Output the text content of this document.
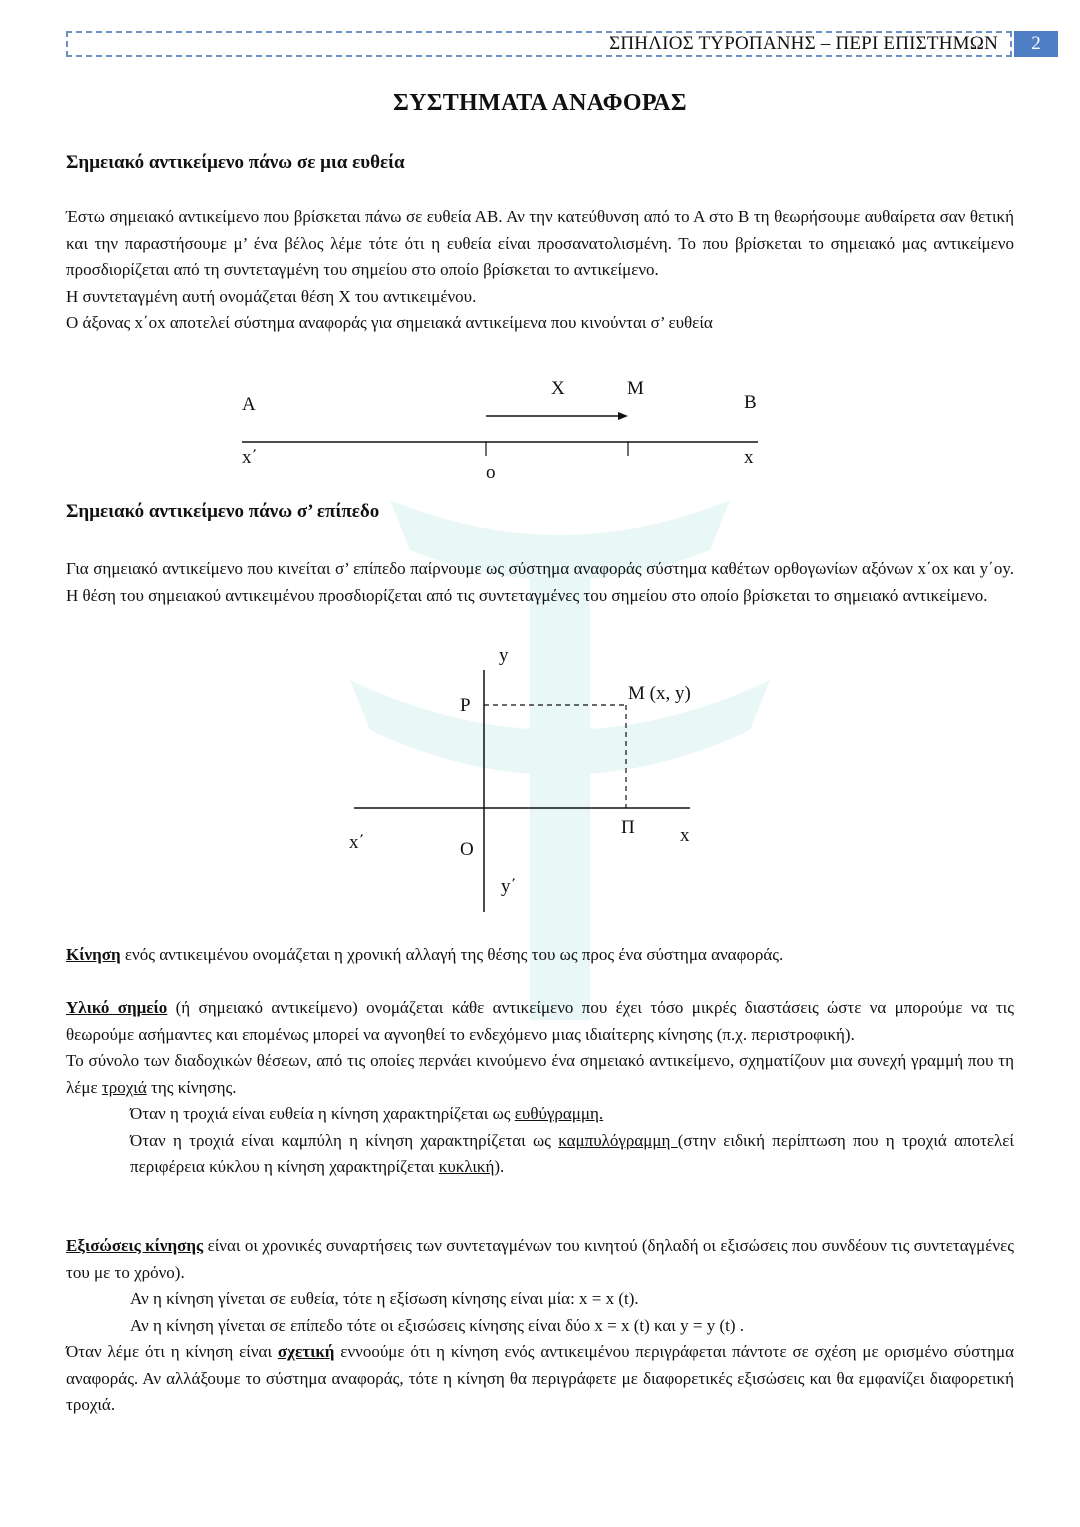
ΣΠΗΛΙΟΣ ΤΥΡΟΠΑΝΗΣ – ΠΕΡΙ ΕΠΙΣΤΗΜΩΝ	2
ΣΥΣΤΗΜΑΤΑ ΑΝΑΦΟΡΑΣ
Σημειακό αντικείμενο πάνω σε μια ευθεία

Έστω σημειακό αντικείμενο που βρίσκεται πάνω σε ευθεία ΑΒ. Αν την κατεύθυνση από το Α στο Β τη θεωρήσουμε αυθαίρετα σαν θετική και την παραστήσουμε μ’ ένα βέλος λέμε τότε ότι η ευθεία είναι προσανατολισμένη. Το που βρίσκεται το σημειακό μας αντικείμενο προσδιορίζεται από τη συντεταγμένη του σημείου στο οποίο βρίσκεται το αντικείμενο.

Η συντεταγμένη αυτή ονομάζεται θέση Χ του αντικειμένου.

Ο άξονας x΄οx αποτελεί σύστημα αναφοράς για σημειακά αντικείμενα που κινούνται σ’ ευθεία

Α	Β
Χ	Μ
x΄
ο
x
Σημειακό αντικείμενο πάνω σ’ επίπεδο

Για σημειακό αντικείμενο που κινείται σ’ επίπεδο παίρνουμε ως σύστημα αναφοράς σύστημα καθέτων ορθογωνίων αξόνων x΄οx και y΄οy. Η θέση του σημειακού αντικειμένου προσδιορίζεται από τις συντεταγμένες του σημείου στο οποίο βρίσκεται το σημειακό αντικείμενο.

y
Ρ
Μ (x, y)
Π x
x΄	Ο
y΄

Κίνηση ενός αντικειμένου ονομάζεται η χρονική αλλαγή της θέσης του ως προς ένα σύστημα αναφοράς.

Υλικό σημείο (ή σημειακό αντικείμενο) ονομάζεται κάθε αντικείμενο που έχει τόσο μικρές διαστάσεις ώστε να μπορούμε να τις θεωρούμε ασήμαντες και επομένως μπορεί να αγνοηθεί το ενδεχόμενο μιας ιδιαίτερης κίνησης (π.χ. περιστροφική).

Το σύνολο των διαδοχικών θέσεων, από τις οποίες περνάει κινούμενο ένα σημειακό αντικείμενο, σχηματίζουν μια συνεχή γραμμή που τη λέμε τροχιά της κίνησης.

Όταν η τροχιά είναι ευθεία η κίνηση χαρακτηρίζεται ως ευθύγραμμη.

Όταν η τροχιά είναι καμπύλη η κίνηση χαρακτηρίζεται ως καμπυλόγραμμη (στην ειδική περίπτωση που η τροχιά αποτελεί περιφέρεια κύκλου η κίνηση χαρακτηρίζεται κυκλική).

Εξισώσεις κίνησης είναι οι χρονικές συναρτήσεις των συντεταγμένων του κινητού (δηλαδή οι εξισώσεις που συνδέουν τις συντεταγμένες του με το χρόνο).

Αν η κίνηση γίνεται σε ευθεία, τότε η εξίσωση κίνησης είναι μία: x = x (t).

Αν η κίνηση γίνεται σε επίπεδο τότε οι εξισώσεις κίνησης είναι δύο x = x (t) και y = y (t) .

Όταν λέμε ότι η κίνηση είναι σχετική εννοούμε ότι η κίνηση ενός αντικειμένου περιγράφεται πάντοτε σε σχέση με ορισμένο σύστημα αναφοράς. Αν αλλάξουμε το σύστημα αναφοράς, τότε η κίνηση θα περιγράφετε με διαφορετικές εξισώσεις και θα εμφανίζει διαφορετική τροχιά.
